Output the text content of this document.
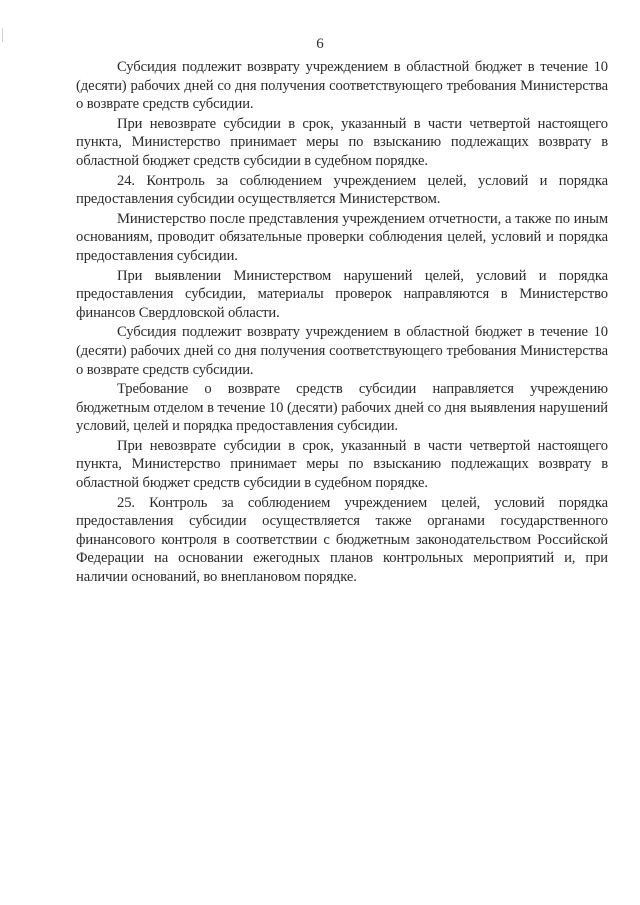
6

Субсидия подлежит возврату учреждением в областной бюджет в течение 10 (десяти) рабочих дней со дня получения соответствующего требования Министерства о возврате средств субсидии.

При невозврате субсидии в срок, указанный в части четвертой настоящего пункта, Министерство принимает меры по взысканию подлежащих возврату в областной бюджет средств субсидии в судебном порядке.

24. Контроль за соблюдением учреждением целей, условий и порядка предоставления субсидии осуществляется Министерством.

Министерство после представления учреждением отчетности, а также по иным основаниям, проводит обязательные проверки соблюдения целей, условий и порядка предоставления субсидии.

При выявлении Министерством нарушений целей, условий и порядка предоставления субсидии, материалы проверок направляются в Министерство финансов Свердловской области.

Субсидия подлежит возврату учреждением в областной бюджет в течение 10 (десяти) рабочих дней со дня получения соответствующего требования Министерства о возврате средств субсидии.

Требование о возврате средств субсидии направляется учреждению бюджетным отделом в течение 10 (десяти) рабочих дней со дня выявления нарушений условий, целей и порядка предоставления субсидии.

При невозврате субсидии в срок, указанный в части четвертой настоящего пункта, Министерство принимает меры по взысканию подлежащих возврату в областной бюджет средств субсидии в судебном порядке.

25. Контроль за соблюдением учреждением целей, условий порядка предоставления субсидии осуществляется также органами государственного финансового контроля в соответствии с бюджетным законодательством Российской Федерации на основании ежегодных планов контрольных мероприятий и, при наличии оснований, во внеплановом порядке.
